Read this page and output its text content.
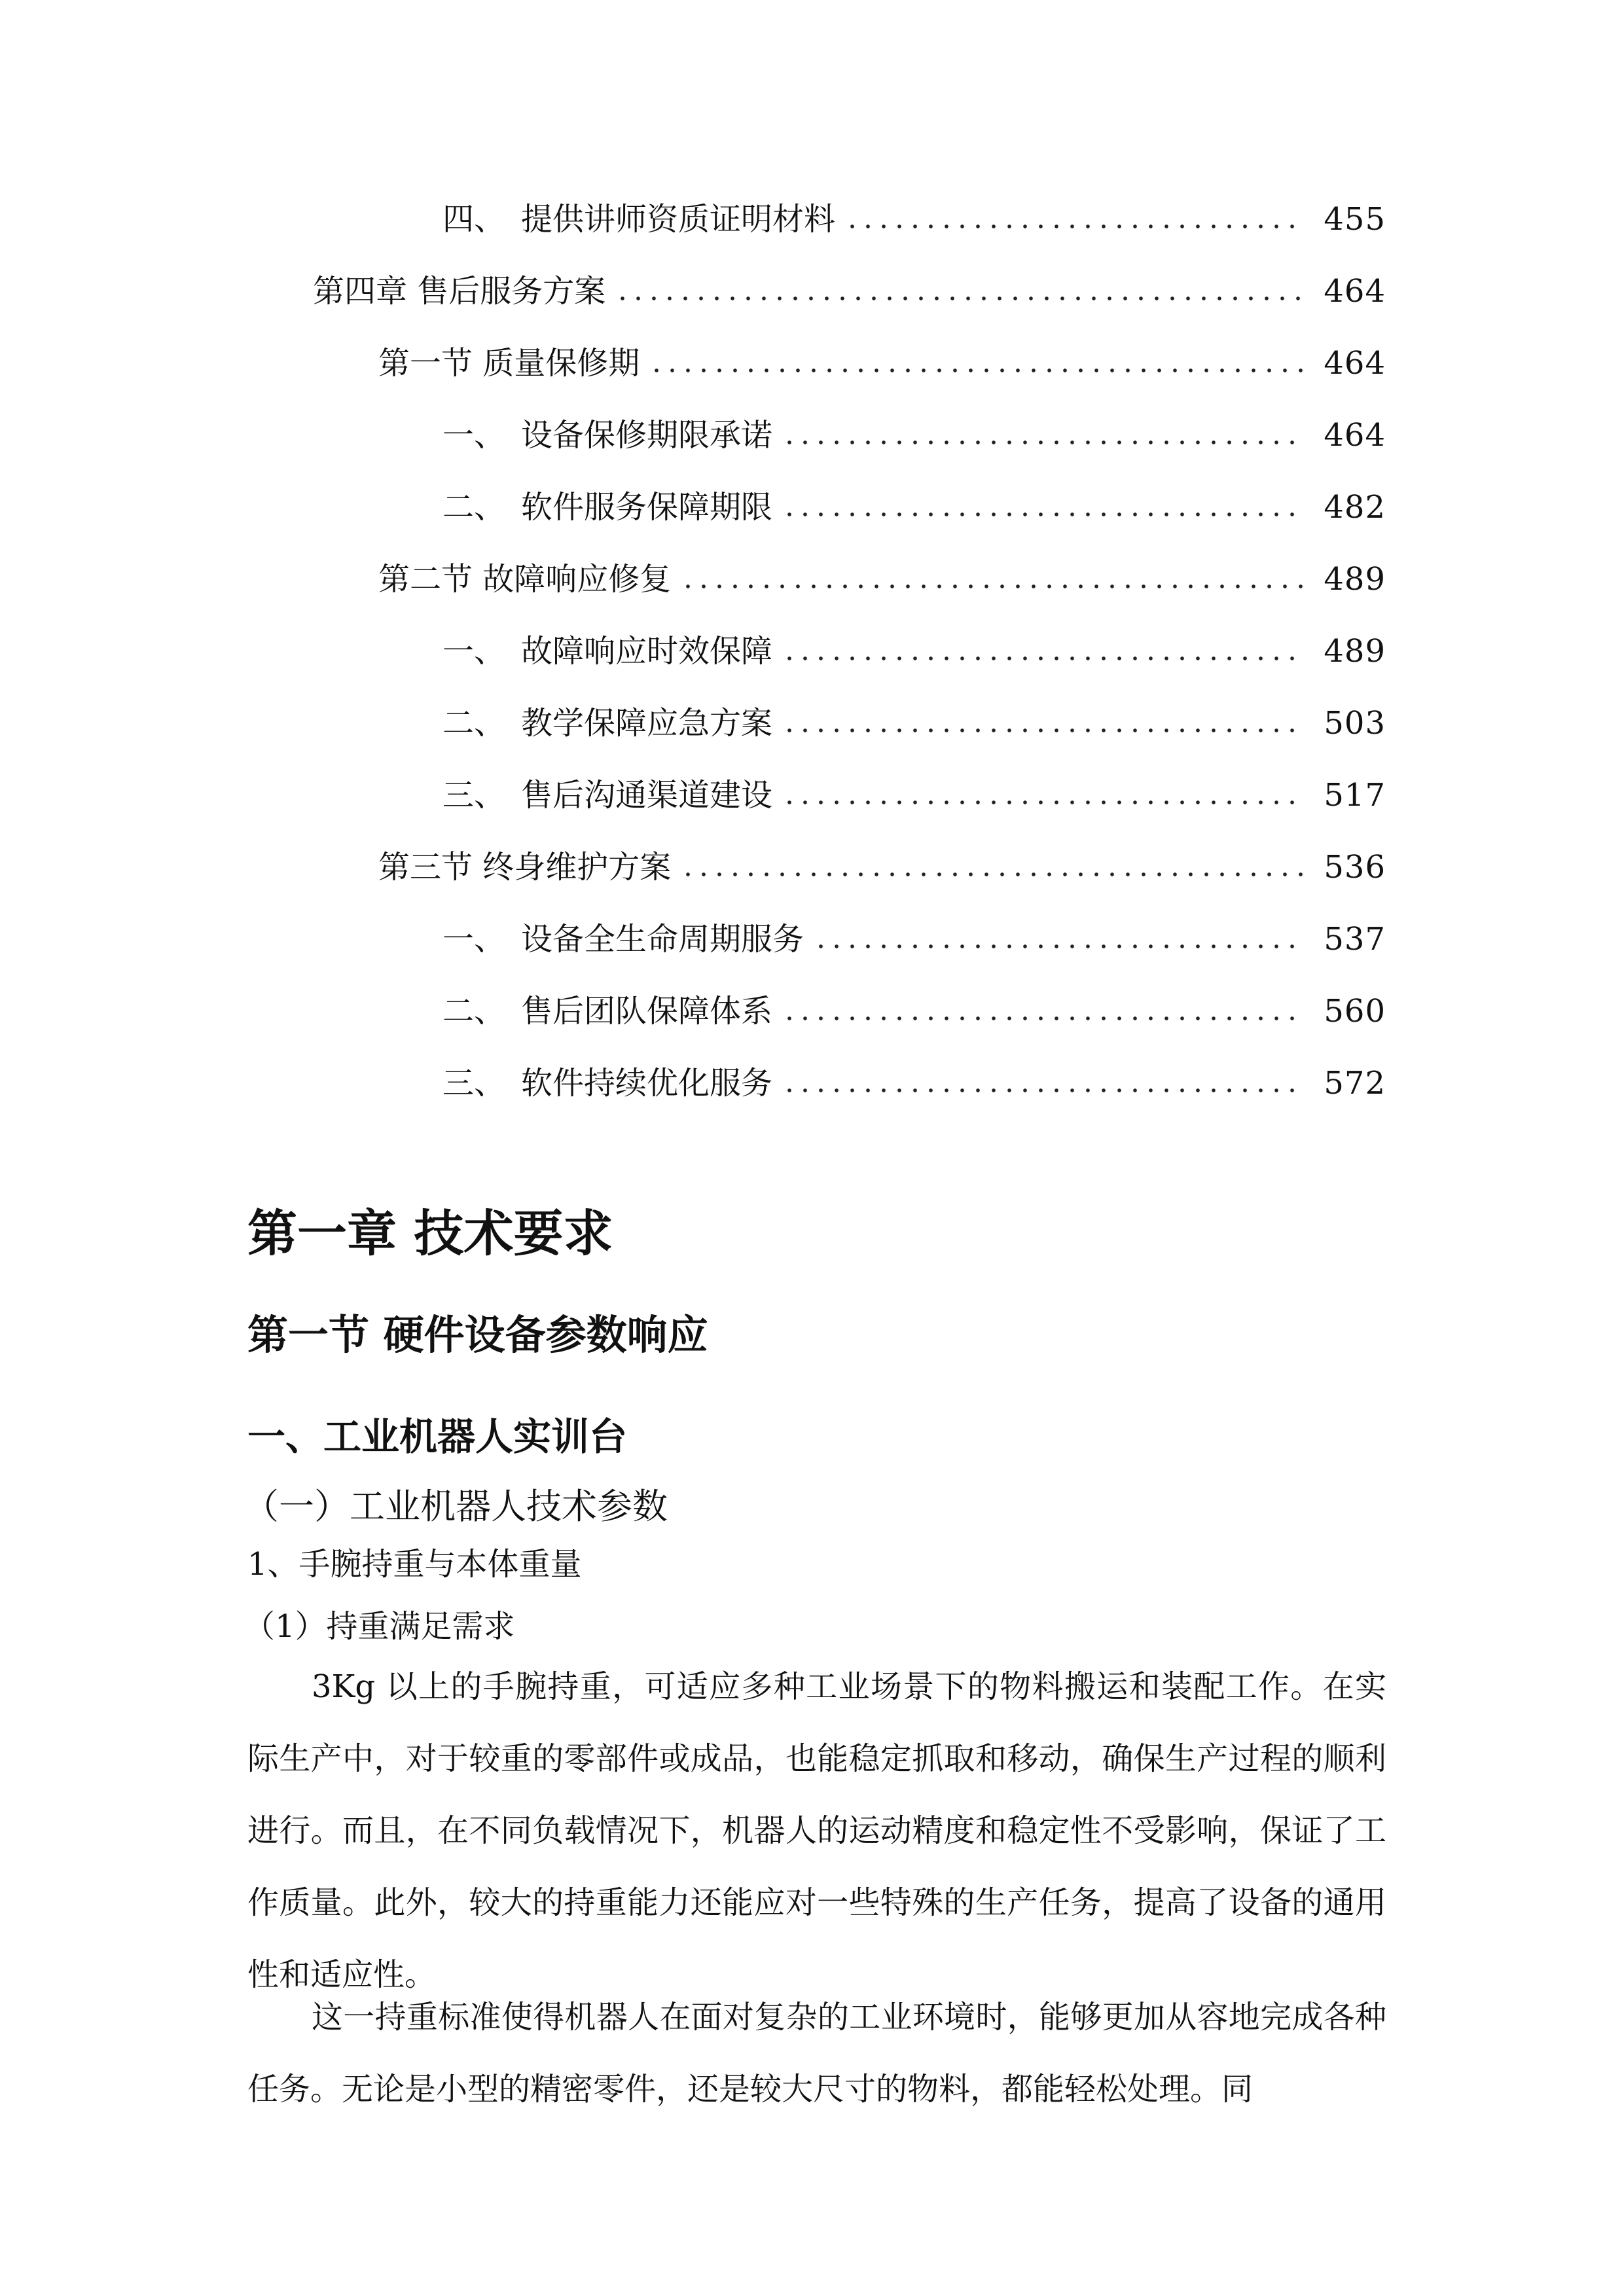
四、 提供讲师资质证明材料	455
第四章 售后服务方案	464
第一节 质量保修期	464
一、 设备保修期限承诺	464
二、 软件服务保障期限	482
第二节 故障响应修复	489
一、 故障响应时效保障	489
二、 教学保障应急方案	503
三、 售后沟通渠道建设	517
第三节 终身维护方案	536
一、 设备全生命周期服务	537
二、 售后团队保障体系	560
三、 软件持续优化服务	572
第一章 技术要求
第一节 硬件设备参数响应
一、工业机器人实训台
（一）工业机器人技术参数
1、手腕持重与本体重量
（1）持重满足需求

3Kg 以上的手腕持重，可适应多种工业场景下的物料搬运和装配工作。在实际生产中，对于较重的零部件或成品，也能稳定抓取和移动，确保生产过程的顺利进行。而且，在不同负载情况下，机器人的运动精度和稳定性不受影响，保证了工作质量。此外，较大的持重能力还能应对一些特殊的生产任务，提高了设备的通用性和适应性。

这一持重标准使得机器人在面对复杂的工业环境时，能够更加从容地完成各种任务。无论是小型的精密零件，还是较大尺寸的物料，都能轻松处理。同
